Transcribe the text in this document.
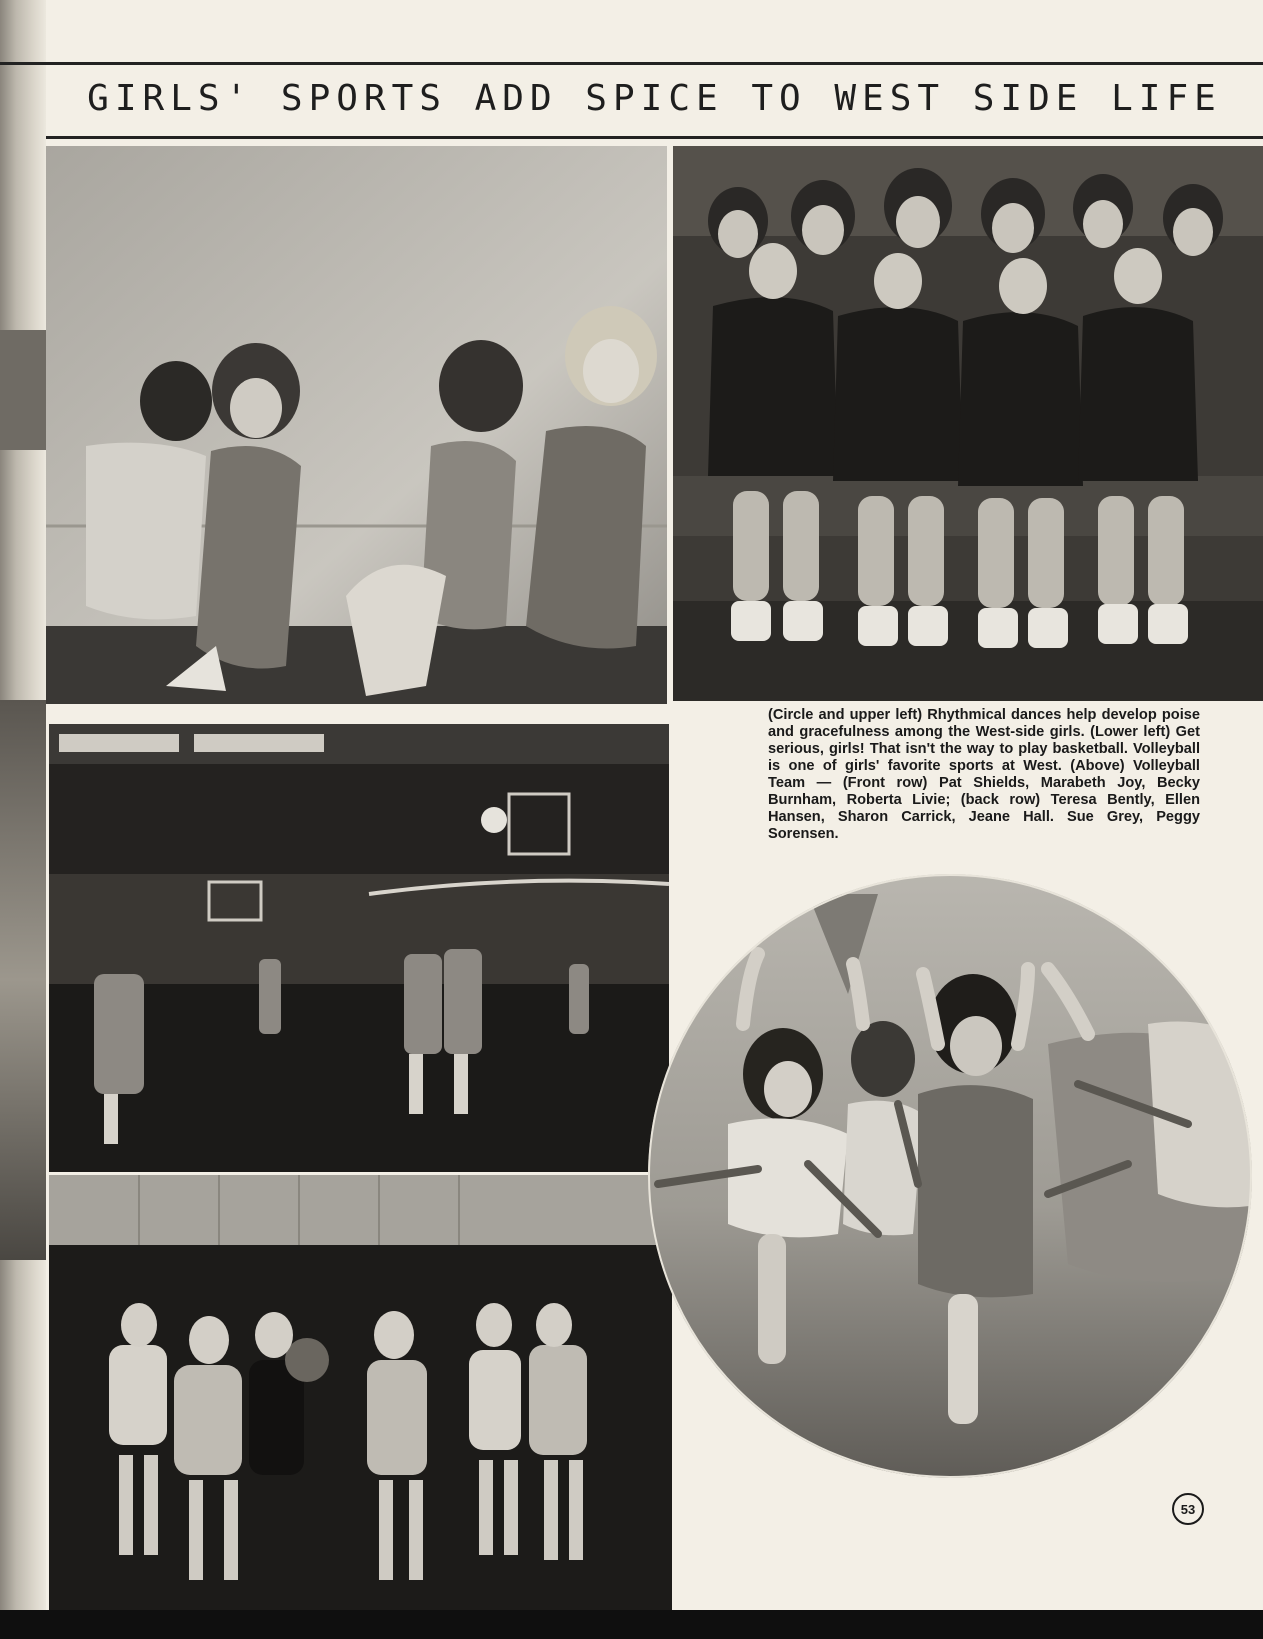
GIRLS' SPORTS ADD SPICE TO WEST SIDE LIFE

(Circle and upper left) Rhythmical dances help develop poise and gracefulness among the West-side girls. (Lower left) Get serious, girls! That isn't the way to play basketball. Volleyball is one of girls' favorite sports at West. (Above) Volleyball Team — (Front row) Pat Shields, Marabeth Joy, Becky Burnham, Roberta Livie; (back row) Teresa Bently, Ellen Hansen, Sharon Carrick, Jeane Hall. Sue Grey, Peggy Sorensen.

53
